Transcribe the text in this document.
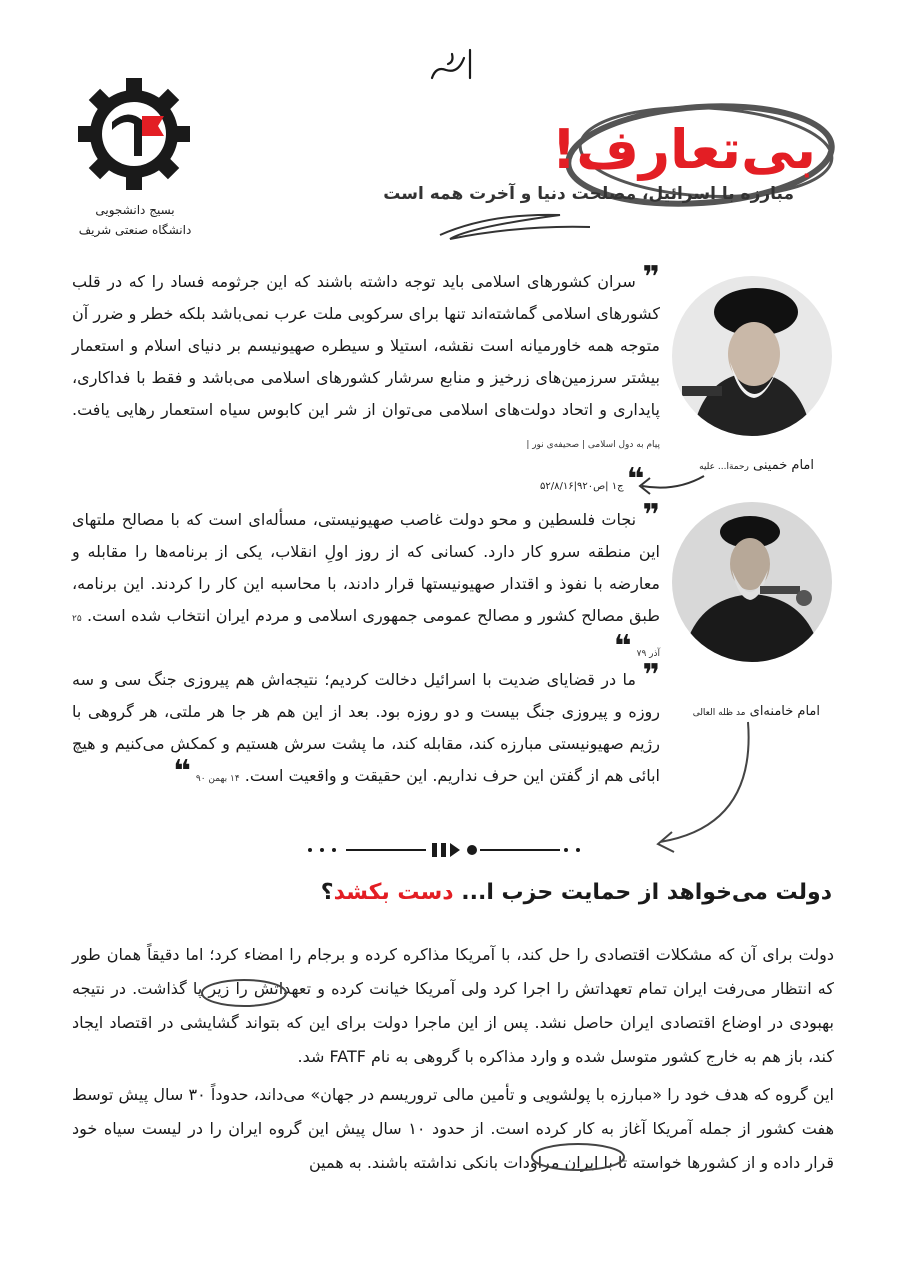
بسیج دانشجویی
دانشگاه صنعتی شریف
بی‌تعارف!
مبارزه با اسرائیل، مصلحت دنیا و آخرت همه است
امام خمینی رحمة‌ا... علیه
امام خامنه‌ای مد ظله العالی
❞ سران کشورهای اسلامی باید توجه داشته باشند که این جرثومه فساد را که در قلب کشورهای اسلامی گماشته‌اند تنها برای سرکوبی ملت عرب نمی‌باشد بلکه خطر و ضرر آن متوجه همه خاورمیانه است نقشه، استیلا و سیطره صهیونیسم بر دنیای اسلام و استعمار بیشتر سرزمین‌های زرخیز و منابع سرشار کشورهای اسلامی می‌باشد و فقط با فداکاری، پایداری و اتحاد دولت‌های اسلامی می‌توان از شر این کابوس سیاه استعمار رهایی یافت. پیام به دول اسلامی | صحیفه‌ی نور |
❝ ج۱ |ص۹۲۰|۵۲/۸/۱۶
❞ نجات فلسطین و محو دولت غاصب صهیونیستی، مسأله‌ای است که با مصالح ملتهای این منطقه سرو کار دارد. کسانی که از روز اولِ انقلاب، یکی از برنامه‌ها را مقابله و معارضه با نفوذ و اقتدار صهیونیستها قرار دادند، با محاسبه این کار را کردند. این برنامه، طبق مصالح کشور و مصالح عمومی جمهوری اسلامی و مردم ایران انتخاب شده است. ۲۵ آذر ۷۹ ❝
❞ ما در قضایای ضدیت با اسرائیل دخالت کردیم؛ نتیجه‌اش هم پیروزی جنگ سی و سه روزه و پیروزی جنگ بیست و دو روزه بود. بعد از این هم هر جا هر ملتی، هر گروهی با رژیم صهیونیستی مبارزه کند، مقابله کند، ما پشت سرش هستیم و کمکش می‌کنیم و هیچ ابائی هم از گفتن این حرف نداریم. این حقیقت و واقعیت است. ۱۴ بهمن ۹۰ ❝
دولت می‌خواهد از حمایت حزب ا... دست بکشد؟

دولت برای آن که مشکلات اقتصادی را حل کند، با آمریکا مذاکره کرده و برجام را امضاء کرد؛ اما دقیقاً همان طور که انتظار می‌رفت ایران تمام تعهداتش را اجرا کرد ولی آمریکا خیانت کرده و تعهداتش را زیر پا گذاشت. در نتیجه بهبودی در اوضاع اقتصادی ایران حاصل نشد. پس از این ماجرا دولت برای این که بتواند گشایشی در اقتصاد ایجاد کند، باز هم به خارج کشور متوسل شده و وارد مذاکره با گروهی به نام FATF شد.

این گروه که هدف خود را «مبارزه با پولشویی و تأمین مالی تروریسم در جهان» می‌داند، حدوداً ۳۰ سال پیش توسط هفت کشور از جمله آمریکا آغاز به کار کرده است. از حدود ۱۰ سال پیش این گروه ایران را در لیست سیاه خود قرار داده و از کشورها خواسته تا با ایران مراودات بانکی نداشته باشند. به همین
